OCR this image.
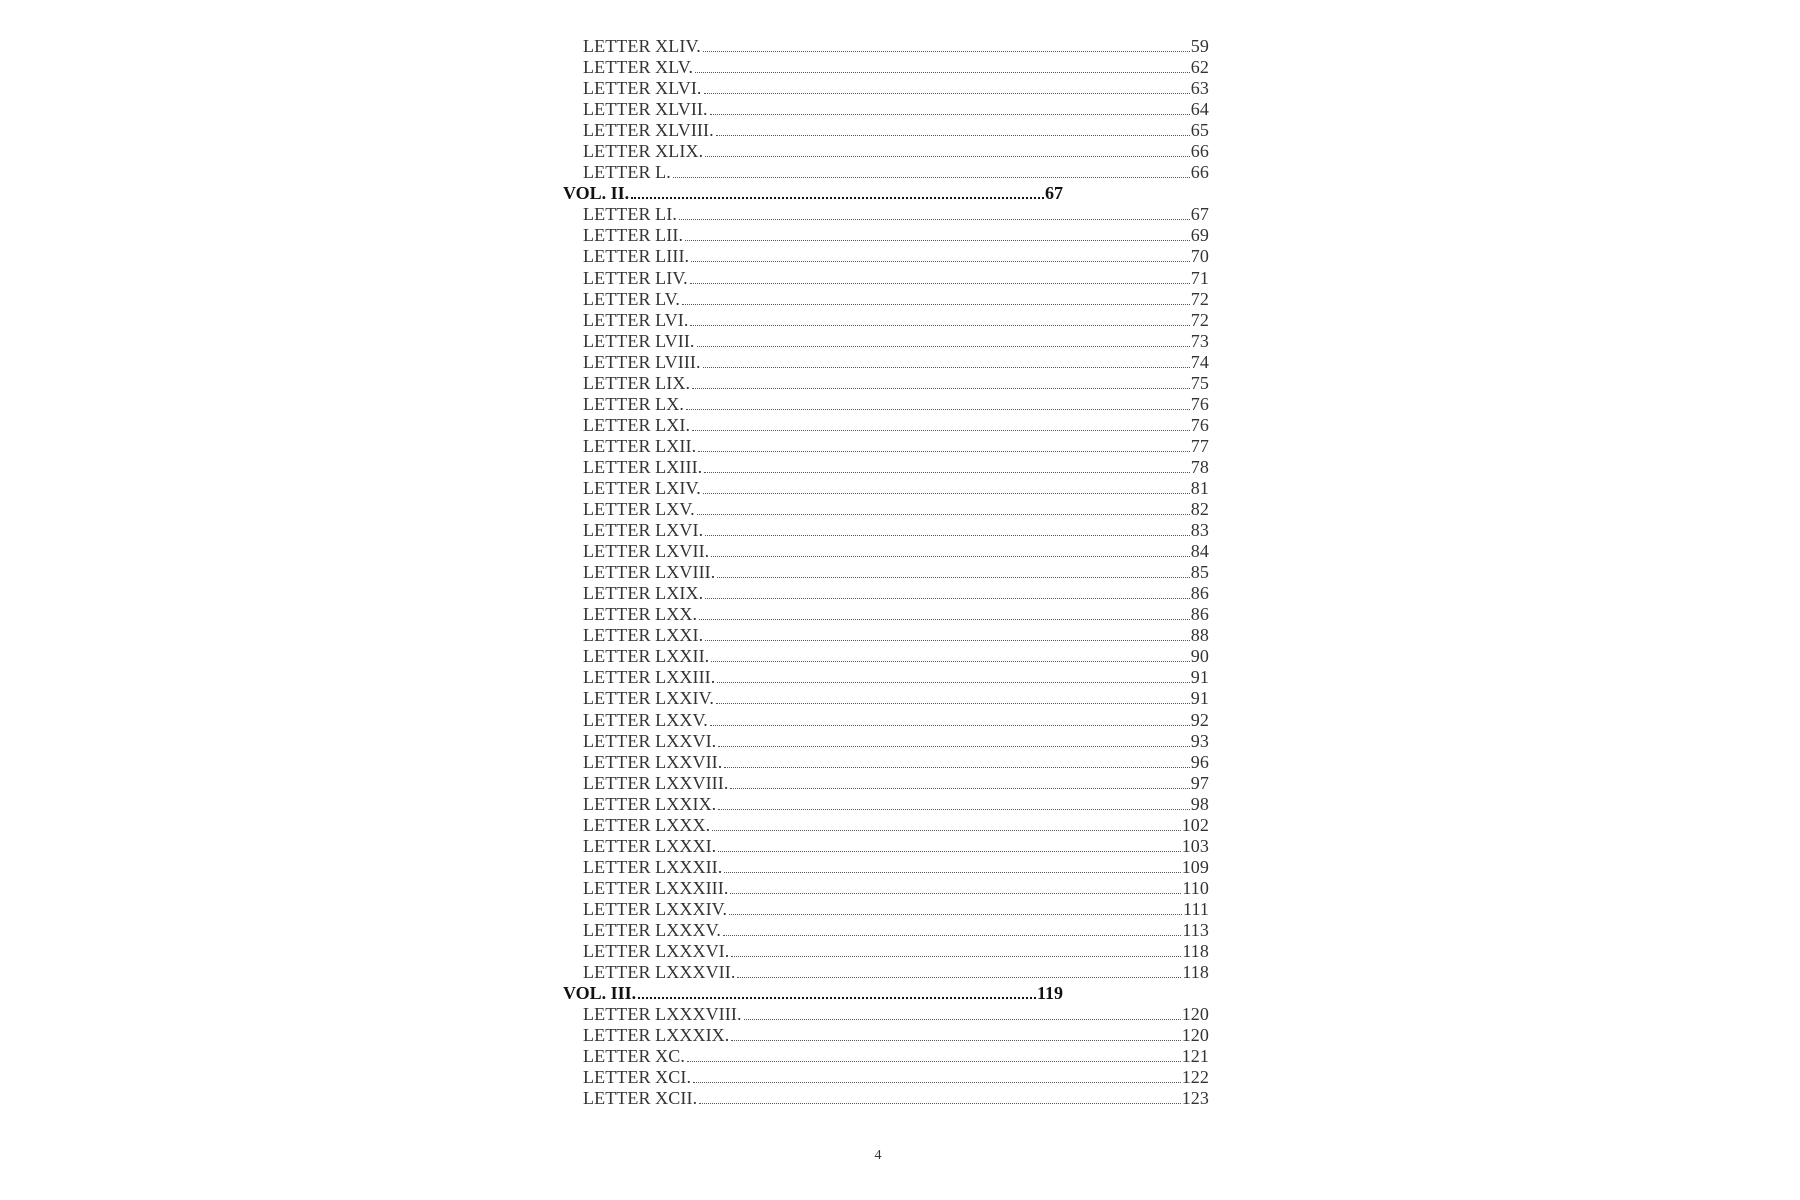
LETTER XLIV.	59
LETTER XLV.	62
LETTER XLVI.	63
LETTER XLVII.	64
LETTER XLVIII.	65
LETTER XLIX.	66
LETTER L.	66
VOL. II.	67
LETTER LI.	67
LETTER LII.	69
LETTER LIII.	70
LETTER LIV.	71
LETTER LV.	72
LETTER LVI.	72
LETTER LVII.	73
LETTER LVIII.	74
LETTER LIX.	75
LETTER LX.	76
LETTER LXI.	76
LETTER LXII.	77
LETTER LXIII.	78
LETTER LXIV.	81
LETTER LXV.	82
LETTER LXVI.	83
LETTER LXVII.	84
LETTER LXVIII.	85
LETTER LXIX.	86
LETTER LXX.	86
LETTER LXXI.	88
LETTER LXXII.	90
LETTER LXXIII.	91
LETTER LXXIV.	91
LETTER LXXV.	92
LETTER LXXVI.	93
LETTER LXXVII.	96
LETTER LXXVIII.	97
LETTER LXXIX.	98
LETTER LXXX.	102
LETTER LXXXI.	103
LETTER LXXXII.	109
LETTER LXXXIII.	110
LETTER LXXXIV.	111
LETTER LXXXV.	113
LETTER LXXXVI.	118
LETTER LXXXVII.	118
VOL. III.	119
LETTER LXXXVIII.	120
LETTER LXXXIX.	120
LETTER XC.	121
LETTER XCI.	122
LETTER XCII.	123
4
